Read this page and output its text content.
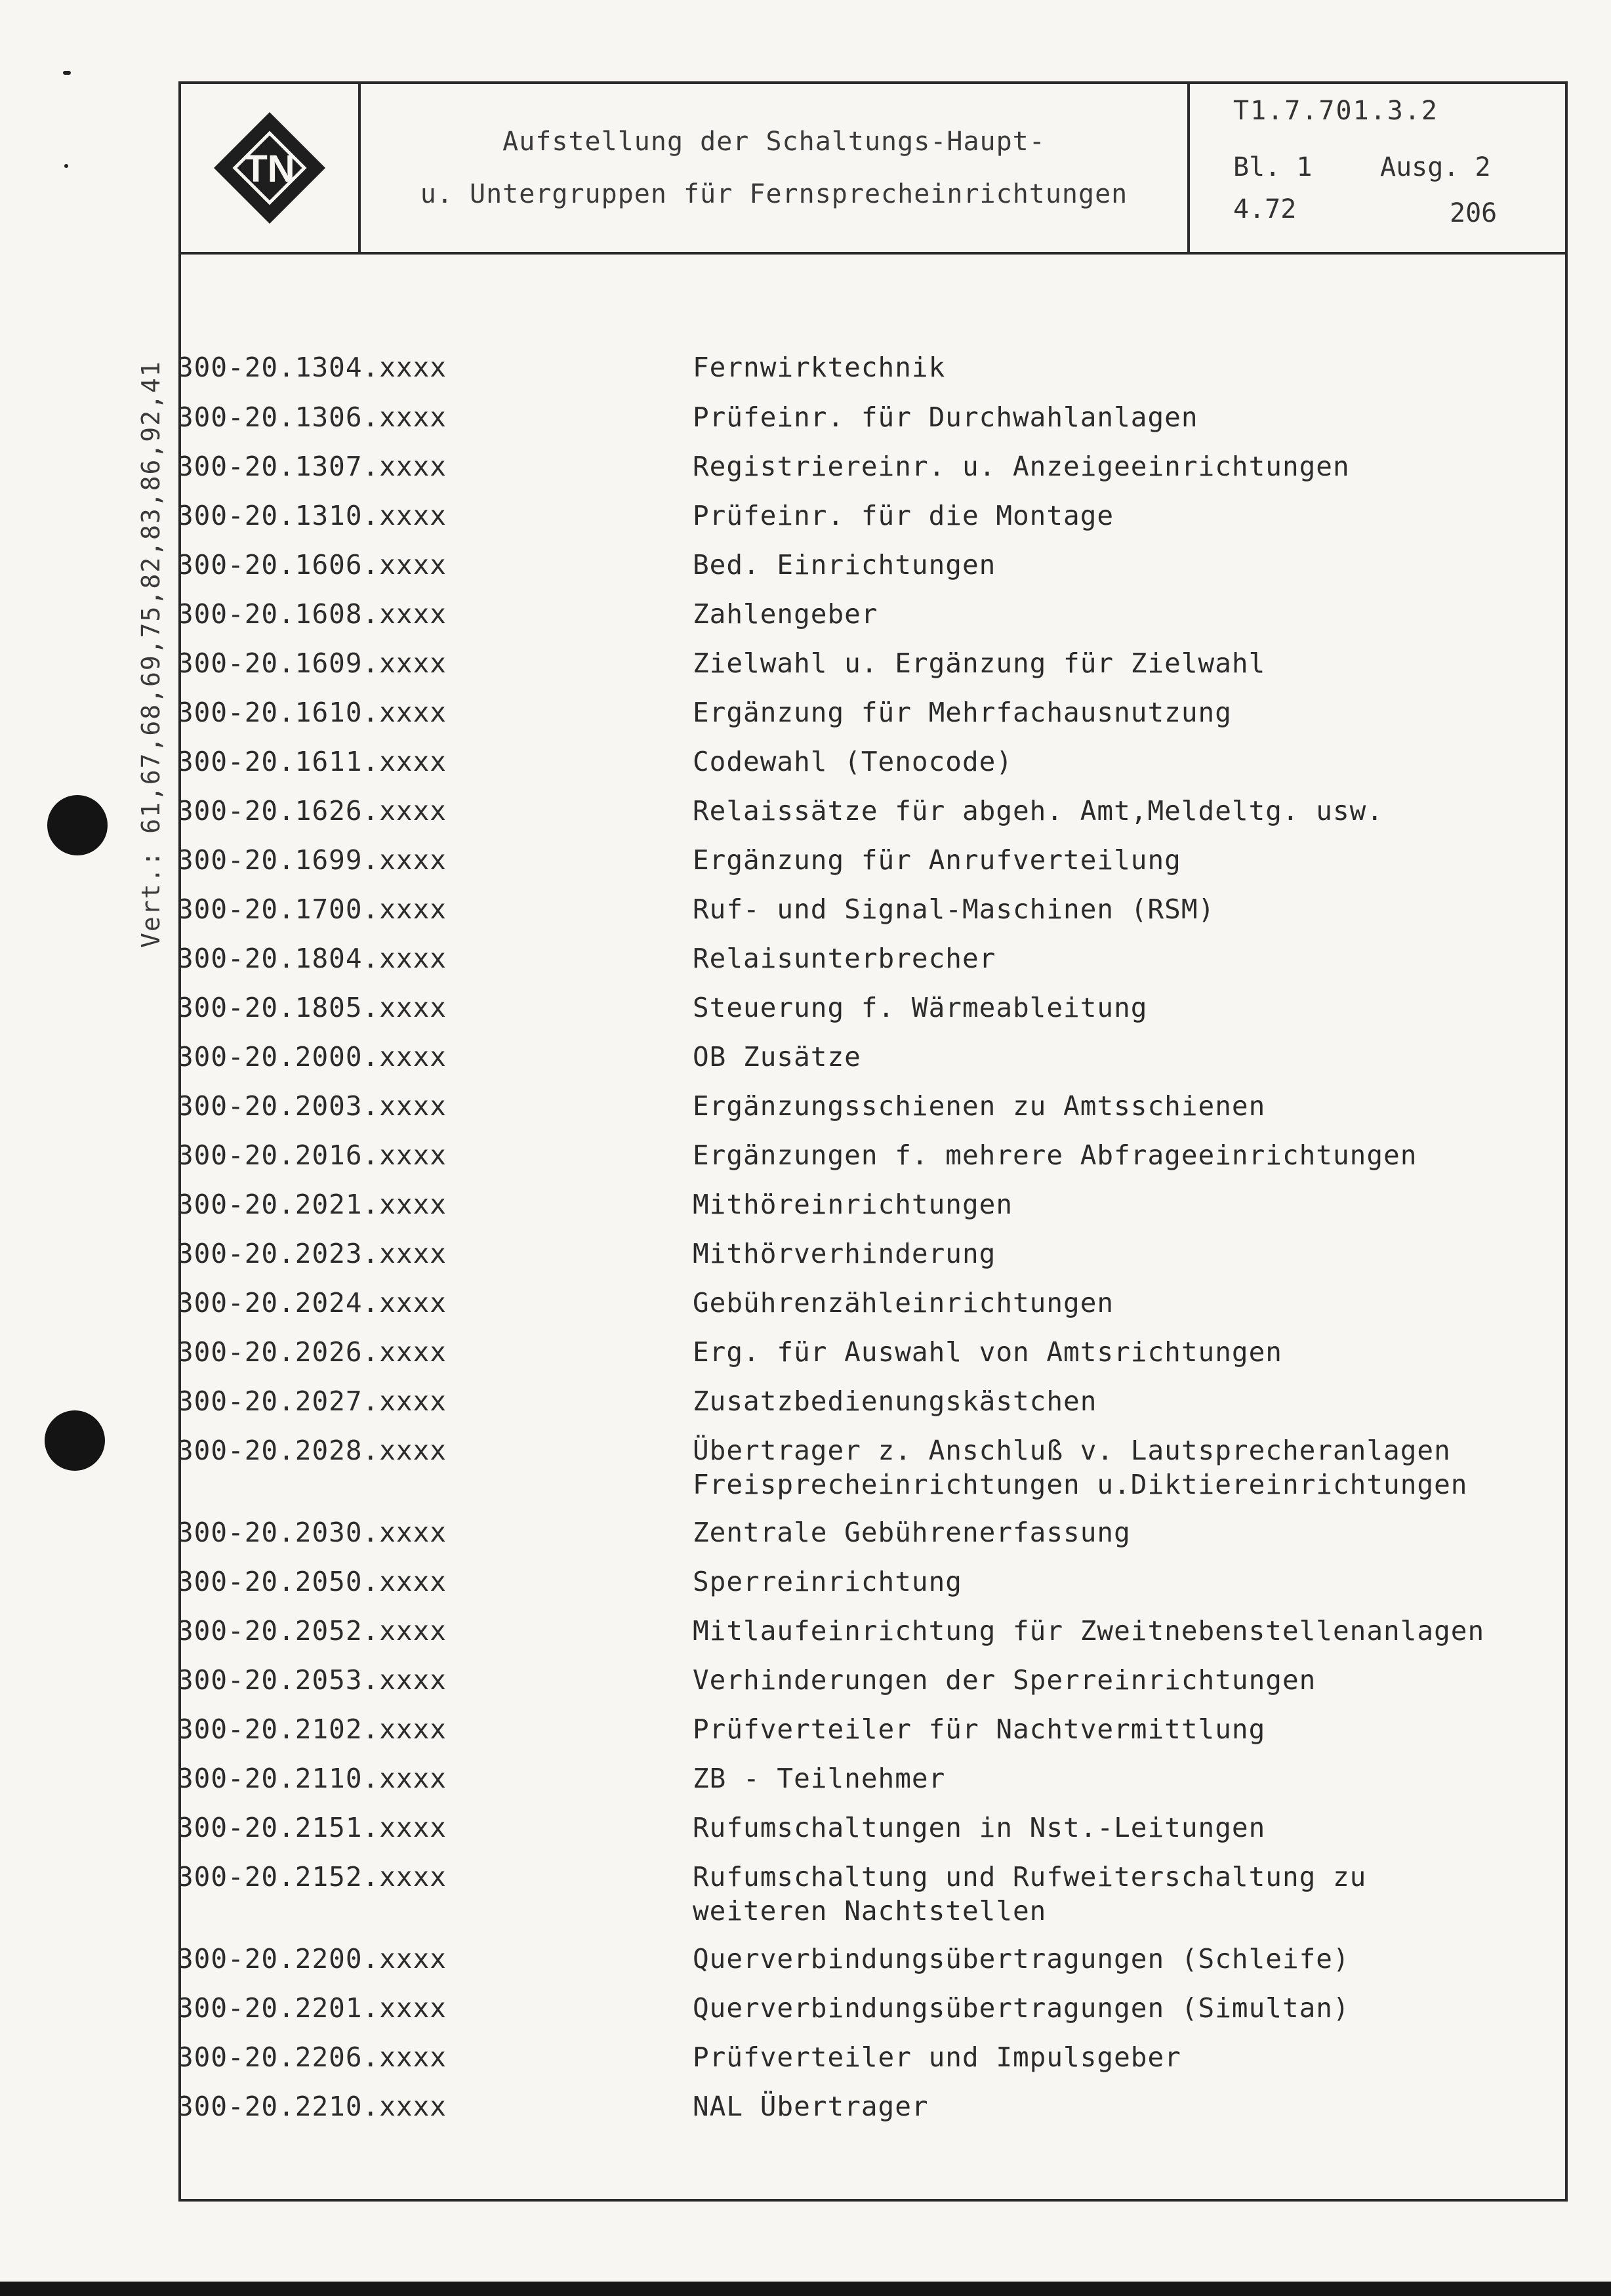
Vert.: 61,67,68,69,75,82,83,86,92,41
TN
Aufstellung der Schaltungs-Haupt-
u. Untergruppen für Fernsprecheinrichtungen
T1.7.701.3.2
Bl. 1	Ausg. 2
4.72	206
300-20.1304.xxxx	Fernwirktechnik
300-20.1306.xxxx	Prüfeinr. für Durchwahlanlagen
300-20.1307.xxxx	Registriereinr. u. Anzeigeeinrichtungen
300-20.1310.xxxx	Prüfeinr. für die Montage
300-20.1606.xxxx	Bed. Einrichtungen
300-20.1608.xxxx	Zahlengeber
300-20.1609.xxxx	Zielwahl u. Ergänzung für Zielwahl
300-20.1610.xxxx	Ergänzung für Mehrfachausnutzung
300-20.1611.xxxx	Codewahl (Tenocode)
300-20.1626.xxxx	Relaissätze für abgeh. Amt,Meldeltg. usw.
300-20.1699.xxxx	Ergänzung für Anrufverteilung
300-20.1700.xxxx	Ruf- und Signal-Maschinen (RSM)
300-20.1804.xxxx	Relaisunterbrecher
300-20.1805.xxxx	Steuerung f. Wärmeableitung
300-20.2000.xxxx	OB Zusätze
300-20.2003.xxxx	Ergänzungsschienen zu Amtsschienen
300-20.2016.xxxx	Ergänzungen f. mehrere Abfrageeinrichtungen
300-20.2021.xxxx	Mithöreinrichtungen
300-20.2023.xxxx	Mithörverhinderung
300-20.2024.xxxx	Gebührenzähleinrichtungen
300-20.2026.xxxx	Erg. für Auswahl von Amtsrichtungen
300-20.2027.xxxx	Zusatzbedienungskästchen
300-20.2028.xxxx	Übertrager z. Anschluß v. Lautsprecheranlagen
Freisprecheinrichtungen u.Diktiereinrichtungen
300-20.2030.xxxx	Zentrale Gebührenerfassung
300-20.2050.xxxx	Sperreinrichtung
300-20.2052.xxxx	Mitlaufeinrichtung für Zweitnebenstellenanlagen
300-20.2053.xxxx	Verhinderungen der Sperreinrichtungen
300-20.2102.xxxx	Prüfverteiler für Nachtvermittlung
300-20.2110.xxxx	ZB - Teilnehmer
300-20.2151.xxxx	Rufumschaltungen in Nst.-Leitungen
300-20.2152.xxxx	Rufumschaltung und Rufweiterschaltung zu
weiteren Nachtstellen
300-20.2200.xxxx	Querverbindungsübertragungen (Schleife)
300-20.2201.xxxx	Querverbindungsübertragungen (Simultan)
300-20.2206.xxxx	Prüfverteiler und Impulsgeber
300-20.2210.xxxx	NAL Übertrager
